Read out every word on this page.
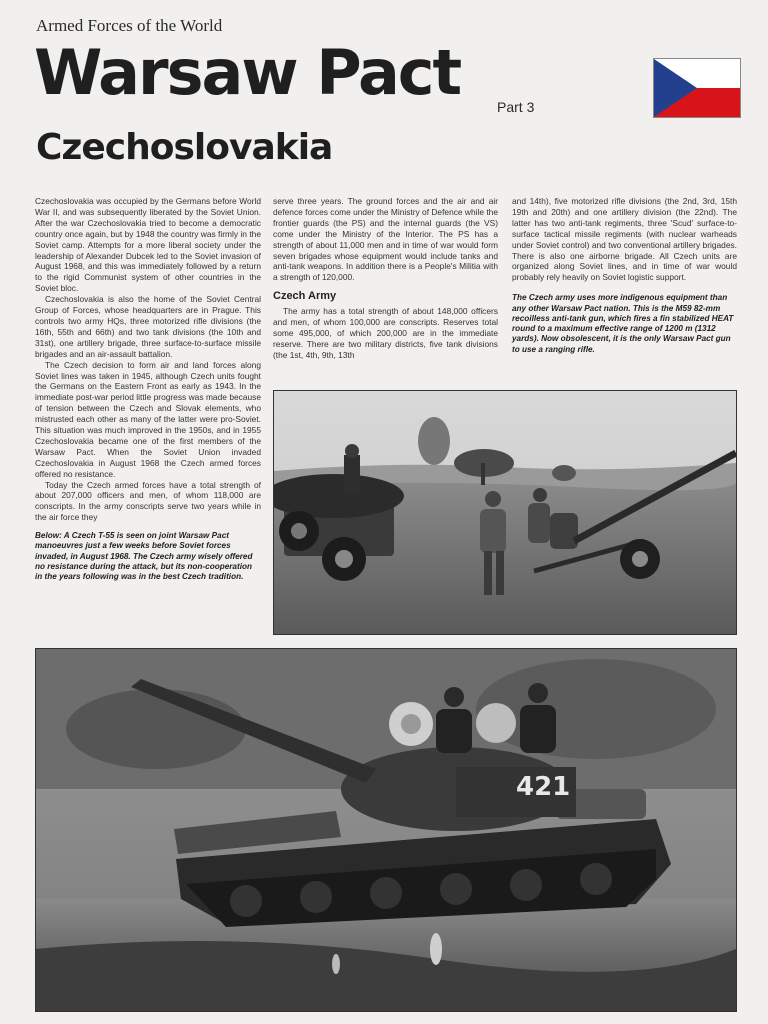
Armed Forces of the World
Warsaw Pact	Part 3
Czechoslovakia

Czechoslovakia was occupied by the Germans before World War II, and was subsequently liberated by the Soviet Union. After the war Czechoslovakia tried to become a democratic country once again, but by 1948 the country was firmly in the Soviet camp. Attempts for a more liberal society under the leadership of Alexander Dubcek led to the Soviet invasion of August 1968, and this was immediately followed by a return to the rigid Communist system of other countries in the Soviet bloc.

Czechoslovakia is also the home of the Soviet Central Group of Forces, whose headquarters are in Prague. This controls two army HQs, three motorized rifle divisions (the 16th, 55th and 66th) and two tank divisions (the 10th and 31st), one artillery brigade, three surface-to-surface missile brigades and an air-assault battalion.

The Czech decision to form air and land forces along Soviet lines was taken in 1945, although Czech units fought the Germans on the Eastern Front as early as 1943. In the immediate post-war period little progress was made because of tension between the Czech and Slovak elements, who mistrusted each other as many of the latter were pro-Soviet. This situation was much improved in the 1950s, and in 1955 Czechoslovakia became one of the first members of the Warsaw Pact. When the Soviet Union invaded Czechoslovakia in August 1968 the Czech armed forces offered no resistance.

Today the Czech armed forces have a total strength of about 207,000 officers and men, of whom 118,000 are conscripts. In the army conscripts serve two years while in the air force they

Below: A Czech T-55 is seen on joint Warsaw Pact manoeuvres just a few weeks before Soviet forces invaded, in August 1968. The Czech army wisely offered no resistance during the attack, but its non-cooperation in the years following was in the best Czech tradition.

serve three years. The ground forces and the air and air defence forces come under the Ministry of Defence while the frontier guards (the PS) and the internal guards (the VS) come under the Ministry of the Interior. The PS has a strength of about 11,000 men and in time of war would form seven brigades whose equipment would include tanks and anti-tank weapons. In addition there is a People's Militia with a strength of 120,000.

Czech Army

The army has a total strength of about 148,000 officers and men, of whom 100,000 are conscripts. Reserves total some 495,000, of which 200,000 are in the immediate reserve. There are two military districts, five tank divisions (the 1st, 4th, 9th, 13th

and 14th), five motorized rifle divisions (the 2nd, 3rd, 15th 19th and 20th) and one artillery division (the 22nd). The latter has two anti-tank regiments, three 'Scud' surface-to-surface tactical missile regiments (with nuclear warheads under Soviet control) and two conventional artillery brigades. There is also one airborne brigade. All Czech units are organized along Soviet lines, and in time of war would probably rely heavily on Soviet logistic support.

The Czech army uses more indigenous equipment than any other Warsaw Pact nation. This is the M59 82-mm recoilless anti-tank gun, which fires a fin stabilized HEAT round to a maximum effective range of 1200 m (1312 yards). Now obsolescent, it is the only Warsaw Pact gun to use a ranging rifle.

421
